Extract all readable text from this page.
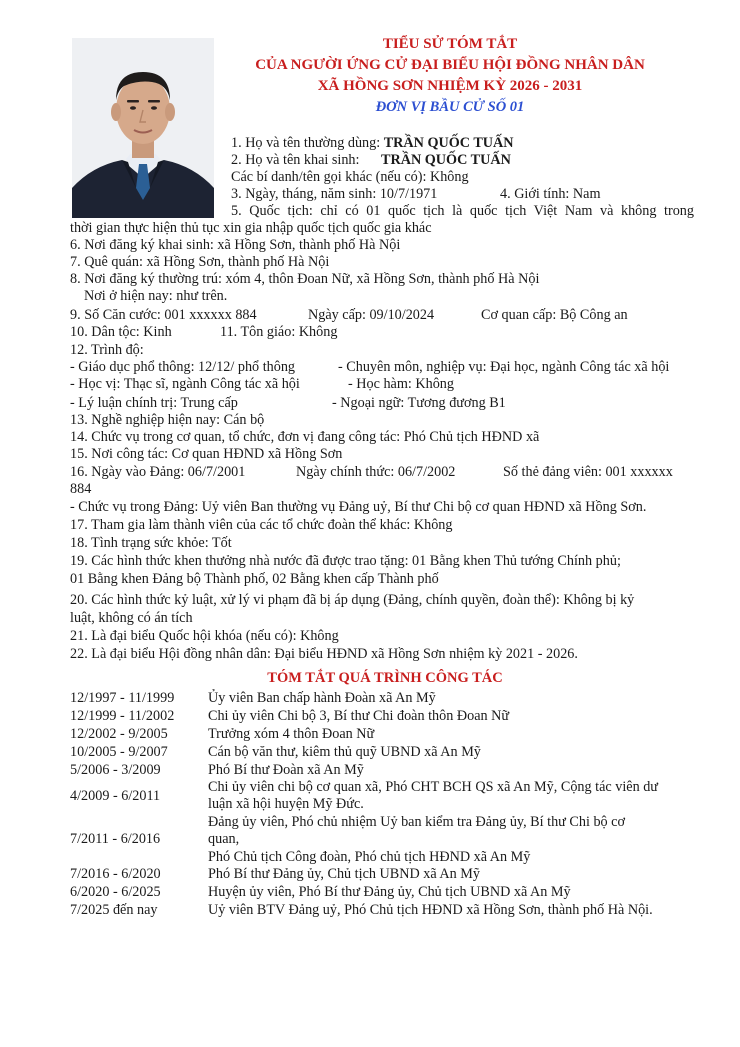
TIỂU SỬ TÓM TẮT
CỦA NGƯỜI ỨNG CỬ ĐẠI BIỂU HỘI ĐỒNG NHÂN DÂN
XÃ HỒNG SƠN NHIỆM KỲ 2026 - 2031
ĐƠN VỊ BẦU CỬ SỐ 01
1. Họ và tên thường dùng: TRẦN QUỐC TUẤN
2. Họ và tên khai sinh: TRẦN QUỐC TUẤN
Các bí danh/tên gọi khác (nếu có): Không
3. Ngày, tháng, năm sinh: 10/7/1971	4. Giới tính: Nam
5. Quốc tịch: chỉ có 01 quốc tịch là quốc tịch Việt Nam và không trong
thời gian thực hiện thủ tục xin gia nhập quốc tịch quốc gia khác
6. Nơi đăng ký khai sinh: xã Hồng Sơn, thành phố Hà Nội
7. Quê quán: xã Hồng Sơn, thành phố Hà Nội
8. Nơi đăng ký thường trú: xóm 4, thôn Đoan Nữ, xã Hồng Sơn, thành phố Hà Nội
Nơi ở hiện nay: như trên.
9. Số Căn cước: 001 xxxxxx 884	Ngày cấp: 09/10/2024	Cơ quan cấp: Bộ Công an
10. Dân tộc: Kinh	11. Tôn giáo: Không
12. Trình độ:
- Giáo dục phổ thông: 12/12/ phổ thông	- Chuyên môn, nghiệp vụ: Đại học, ngành Công tác xã hội
- Học vị: Thạc sĩ, ngành Công tác xã hội	- Học hàm: Không
- Lý luận chính trị: Trung cấp	- Ngoại ngữ: Tương đương B1
13. Nghề nghiệp hiện nay: Cán bộ
14. Chức vụ trong cơ quan, tổ chức, đơn vị đang công tác: Phó Chủ tịch HĐND xã
15. Nơi công tác: Cơ quan HĐND xã Hồng Sơn
16. Ngày vào Đảng: 06/7/2001	Ngày chính thức: 06/7/2002	Số thẻ đảng viên: 001 xxxxxx
884
- Chức vụ trong Đảng: Uỷ viên Ban thường vụ Đảng uỷ, Bí thư Chi bộ cơ quan HĐND xã Hồng Sơn.
17. Tham gia làm thành viên của các tổ chức đoàn thể khác: Không
18. Tình trạng sức khỏe: Tốt
19. Các hình thức khen thưởng nhà nước đã được trao tặng: 01 Bằng khen Thủ tướng Chính phủ;
01 Bằng khen Đảng bộ Thành phố, 02 Bằng khen cấp Thành phố
20. Các hình thức kỷ luật, xử lý vi phạm đã bị áp dụng (Đảng, chính quyền, đoàn thể): Không bị kỷ
luật, không có án tích
21. Là đại biểu Quốc hội khóa (nếu có): Không
22. Là đại biểu Hội đồng nhân dân: Đại biểu HĐND xã Hồng Sơn nhiệm kỳ 2021 - 2026.
TÓM TẮT QUÁ TRÌNH CÔNG TÁC
12/1997 - 11/1999 Ủy viên Ban chấp hành Đoàn xã An Mỹ
12/1999 - 11/2002 Chi ủy viên Chi bộ 3, Bí thư Chi đoàn thôn Đoan Nữ
12/2002 - 9/2005	Trưởng xóm 4 thôn Đoan Nữ
10/2005 - 9/2007	Cán bộ văn thư, kiêm thủ quỹ UBND xã An Mỹ
5/2006 - 3/2009	Phó Bí thư Đoàn xã An Mỹ
4/2009 - 6/2011
Chi ủy viên chi bộ cơ quan xã, Phó CHT BCH QS xã An Mỹ, Cộng tác viên dư
luận xã hội huyện Mỹ Đức.
7/2011 - 6/2016
Đảng ủy viên, Phó chủ nhiệm Uỷ ban kiểm tra Đảng ủy, Bí thư Chi bộ cơ
quan,
Phó Chủ tịch Công đoàn, Phó chủ tịch HĐND xã An Mỹ
7/2016 - 6/2020	Phó Bí thư Đảng ủy, Chủ tịch UBND xã An Mỹ
6/2020 - 6/2025	Huyện ủy viên, Phó Bí thư Đảng ủy, Chủ tịch UBND xã An Mỹ
7/2025 đến nay	Uỷ viên BTV Đảng uỷ, Phó Chủ tịch HĐND xã Hồng Sơn, thành phố Hà Nội.
